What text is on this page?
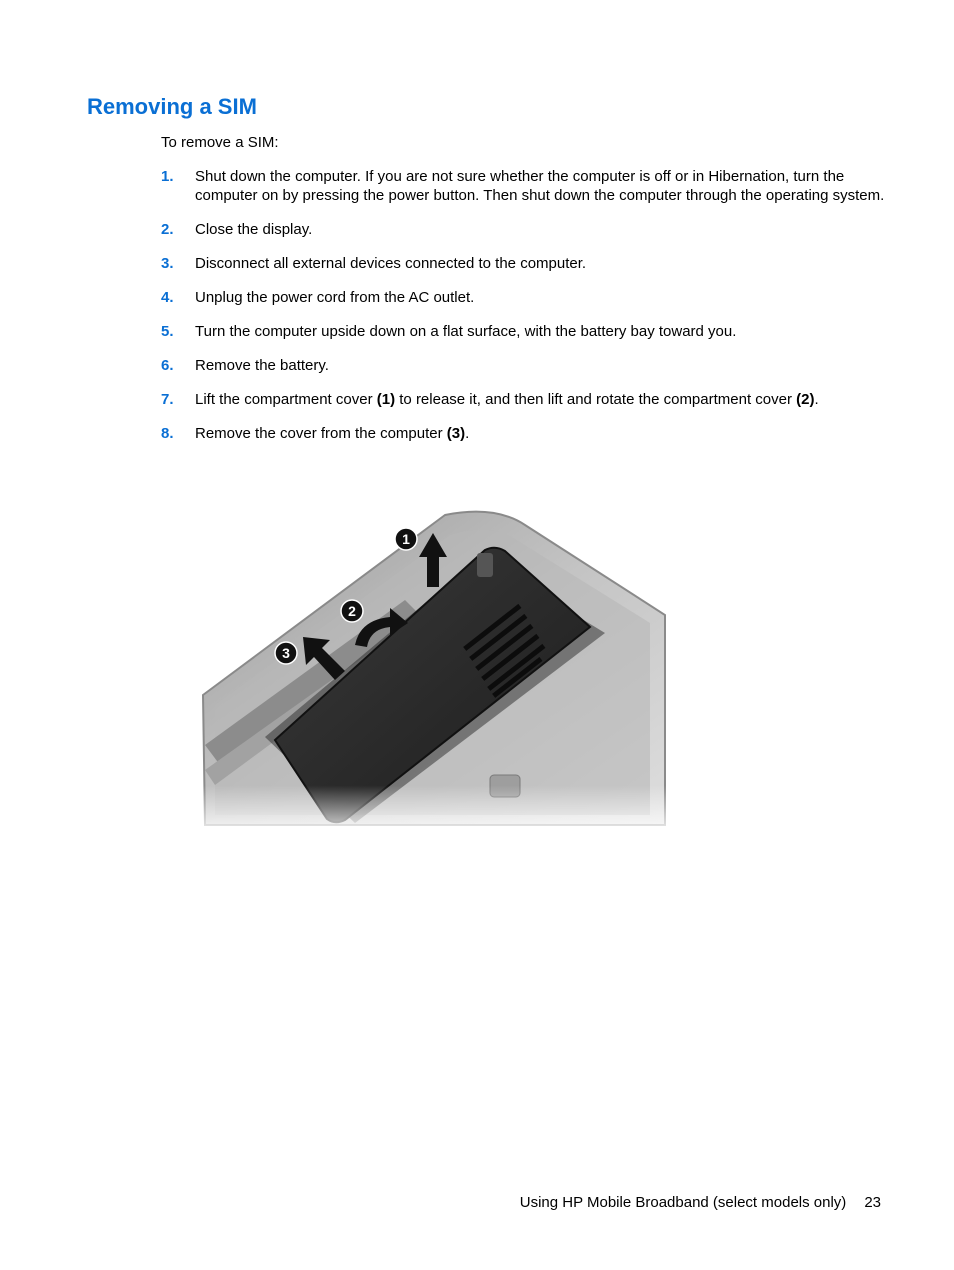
Removing a SIM

To remove a SIM:

1. Shut down the computer. If you are not sure whether the computer is off or in Hibernation, turn the computer on by pressing the power button. Then shut down the computer through the operating system.
2. Close the display.
3. Disconnect all external devices connected to the computer.
4. Unplug the power cord from the AC outlet.
5. Turn the computer upside down on a flat surface, with the battery bay toward you.
6. Remove the battery.
7. Lift the compartment cover (1) to release it, and then lift and rotate the compartment cover (2).
8. Remove the cover from the computer (3).
1
2
3
Using HP Mobile Broadband (select models only) 23
